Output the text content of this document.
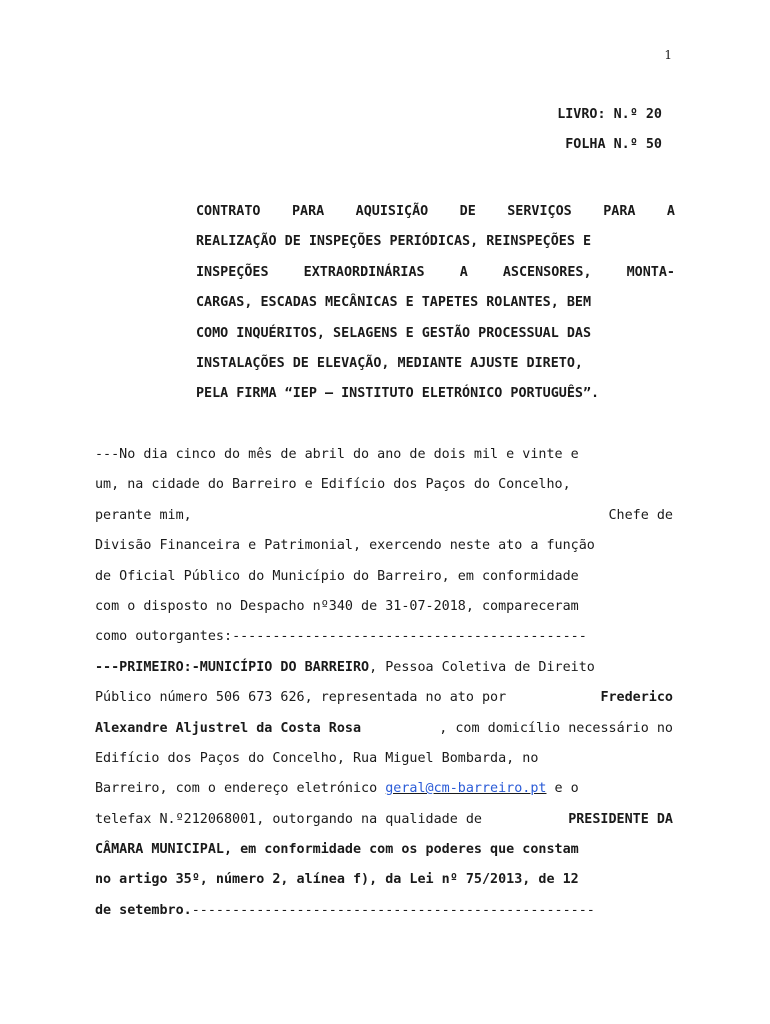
1
LIVRO: N.º 20
FOLHA N.º 50
CONTRATO PARA AQUISIÇÃO DE SERVIÇOS PARA A
REALIZAÇÃO DE INSPEÇÕES PERIÓDICAS, REINSPEÇÕES E
INSPEÇÕES	EXTRAORDINÁRIAS	A	ASCENSORES,	MONTA-
CARGAS, ESCADAS MECÂNICAS E TAPETES ROLANTES, BEM
COMO INQUÉRITOS, SELAGENS E GESTÃO PROCESSUAL DAS
INSTALAÇÕES DE ELEVAÇÃO, MEDIANTE AJUSTE DIRETO,
PELA FIRMA “IEP – INSTITUTO ELETRÓNICO PORTUGUÊS”.
---No dia cinco do mês de abril do ano de dois mil e vinte e
um, na cidade do Barreiro e Edifício dos Paços do Concelho,
perante mim,	Chefe de
Divisão Financeira e Patrimonial, exercendo neste ato a função
de Oficial Público do Município do Barreiro, em conformidade
com o disposto no Despacho nº340 de 31-07-2018, compareceram
como outorgantes: --------------------------------------------
---PRIMEIRO:-MUNICÍPIO DO BARREIRO , Pessoa Coletiva de Direito
Público número 506 673 626, representada no ato por	Frederico
Alexandre Aljustrel da Costa Rosa	, com domicílio necessário no
Edifício dos Paços do Concelho, Rua Miguel Bombarda, no
Barreiro, com o endereço eletrónico geral@cm-barreiro.pt e o
telefax N.º212068001, outorgando na qualidade de	PRESIDENTE DA
CÂMARA MUNICIPAL, em conformidade com os poderes que constam
no artigo 35º, número 2, alínea f), da Lei nº 75/2013, de 12
de setembro. --------------------------------------------------
